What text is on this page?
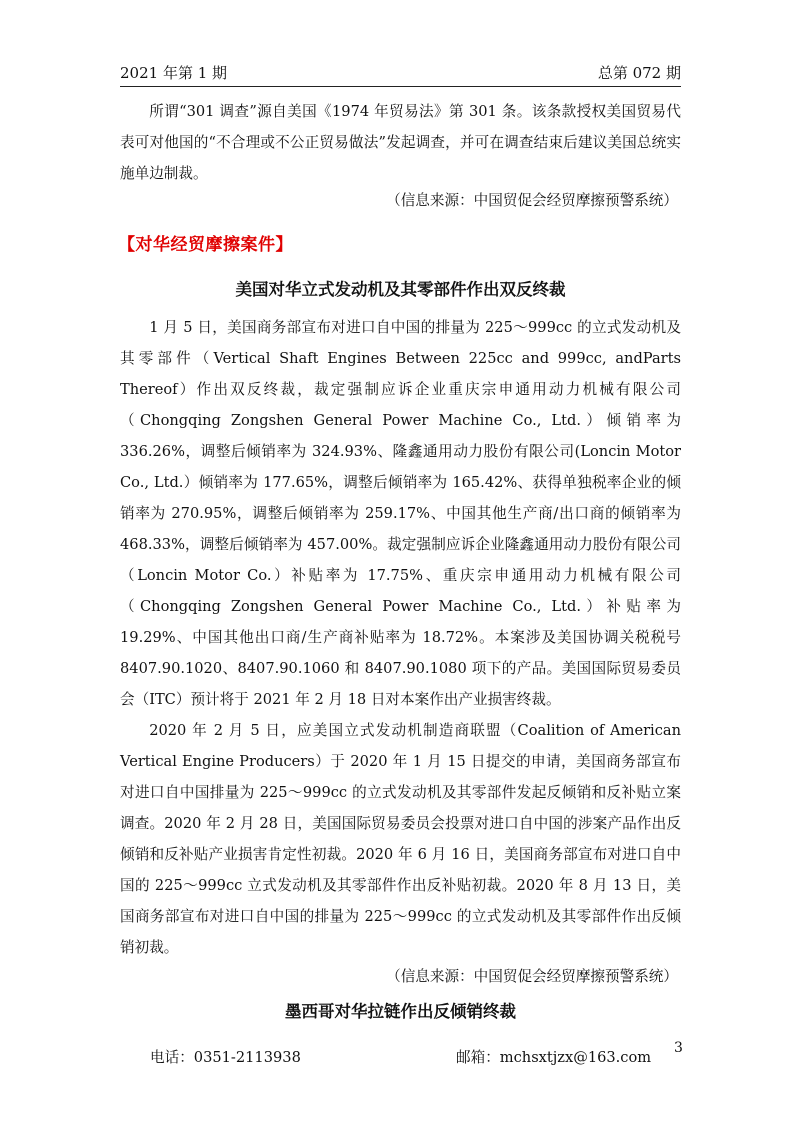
2021 年第 1 期	总第 072 期

所谓“301 调查”源自美国《1974 年贸易法》第 301 条。该条款授权美国贸易代表可对他国的“不合理或不公正贸易做法”发起调查，并可在调查结束后建议美国总统实施单边制裁。

（信息来源：中国贸促会经贸摩擦预警系统）
【对华经贸摩擦案件】
美国对华立式发动机及其零部件作出双反终裁

1 月 5 日，美国商务部宣布对进口自中国的排量为 225～999cc 的立式发动机及其零部件（Vertical Shaft Engines Between 225cc and 999cc, andParts Thereof）作出双反终裁，裁定强制应诉企业重庆宗申通用动力机械有限公司（Chongqing Zongshen General Power Machine Co., Ltd.）倾销率为 336.26%，调整后倾销率为 324.93%、隆鑫通用动力股份有限公司(Loncin Motor Co., Ltd.）倾销率为 177.65%，调整后倾销率为 165.42%、获得单独税率企业的倾销率为 270.95%，调整后倾销率为 259.17%、中国其他生产商/出口商的倾销率为 468.33%，调整后倾销率为 457.00%。裁定强制应诉企业隆鑫通用动力股份有限公司（Loncin Motor Co.）补贴率为 17.75%、重庆宗申通用动力机械有限公司（Chongqing Zongshen General Power Machine Co., Ltd.）补贴率为 19.29%、中国其他出口商/生产商补贴率为 18.72%。本案涉及美国协调关税税号 8407.90.1020、8407.90.1060 和 8407.90.1080 项下的产品。美国国际贸易委员会（ITC）预计将于 2021 年 2 月 18 日对本案作出产业损害终裁。

2020 年 2 月 5 日，应美国立式发动机制造商联盟（Coalition of American Vertical Engine Producers）于 2020 年 1 月 15 日提交的申请，美国商务部宣布对进口自中国排量为 225～999cc 的立式发动机及其零部件发起反倾销和反补贴立案调查。2020 年 2 月 28 日，美国国际贸易委员会投票对进口自中国的涉案产品作出反倾销和反补贴产业损害肯定性初裁。2020 年 6 月 16 日，美国商务部宣布对进口自中国的 225～999cc 立式发动机及其零部件作出反补贴初裁。2020 年 8 月 13 日，美国商务部宣布对进口自中国的排量为 225～999cc 的立式发动机及其零部件作出反倾销初裁。

（信息来源：中国贸促会经贸摩擦预警系统）
墨西哥对华拉链作出反倾销终裁
电话：0351-2113938	邮箱：mchsxtjzx@163.com
3
